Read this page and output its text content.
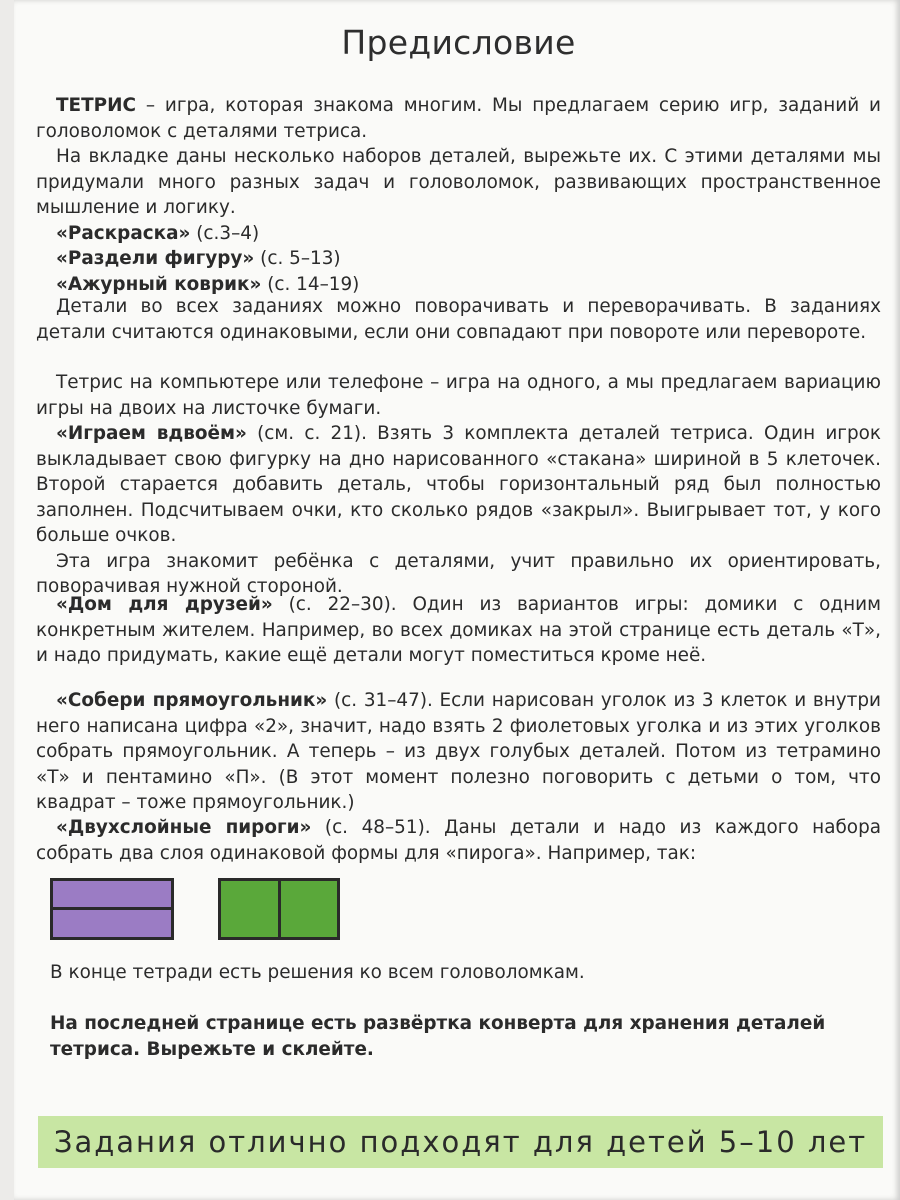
Предисловие

ТЕТРИС – игра, которая знакома многим. Мы предлагаем серию игр, заданий и головоломок с деталями тетриса.

На вкладке даны несколько наборов деталей, вырежьте их. С этими деталями мы придумали много разных задач и головоломок, развивающих пространственное мышление и логику.

«Раскраска» (с.3–4)

«Раздели фигуру» (с. 5–13)

«Ажурный коврик» (с. 14–19)

Детали во всех заданиях можно поворачивать и переворачивать. В заданиях детали считаются одинаковыми, если они совпадают при повороте или перевороте.

Тетрис на компьютере или телефоне – игра на одного, а мы предлагаем вариацию игры на двоих на листочке бумаги.

«Играем вдвоём» (см. с. 21). Взять 3 комплекта деталей тетриса. Один игрок выкладывает свою фигурку на дно нарисованного «стакана» шириной в 5 клеточек. Второй старается добавить деталь, чтобы горизонтальный ряд был полностью заполнен. Подсчитываем очки, кто сколько рядов «закрыл». Выигрывает тот, у кого больше очков.

Эта игра знакомит ребёнка с деталями, учит правильно их ориентировать, поворачивая нужной стороной.

«Дом для друзей» (с. 22–30). Один из вариантов игры: домики с одним конкретным жителем. Например, во всех домиках на этой странице есть деталь «Т», и надо придумать, какие ещё детали могут поместиться кроме неё.

«Собери прямоугольник» (с. 31–47). Если нарисован уголок из 3 клеток и внутри него написана цифра «2», значит, надо взять 2 фиолетовых уголка и из этих уголков собрать прямоугольник. А теперь – из двух голубых деталей. Потом из тетрамино «Т» и пентамино «П». (В этот момент полезно поговорить с детьми о том, что квадрат – тоже прямоугольник.)

«Двухслойные пироги» (с. 48–51). Даны детали и надо из каждого набора собрать два слоя одинаковой формы для «пирога». Например, так:

В конце тетради есть решения ко всем головоломкам.

На последней странице есть развёртка конверта для хранения деталей тетриса. Вырежьте и склейте.

Задания отлично подходят для детей 5–10 лет
